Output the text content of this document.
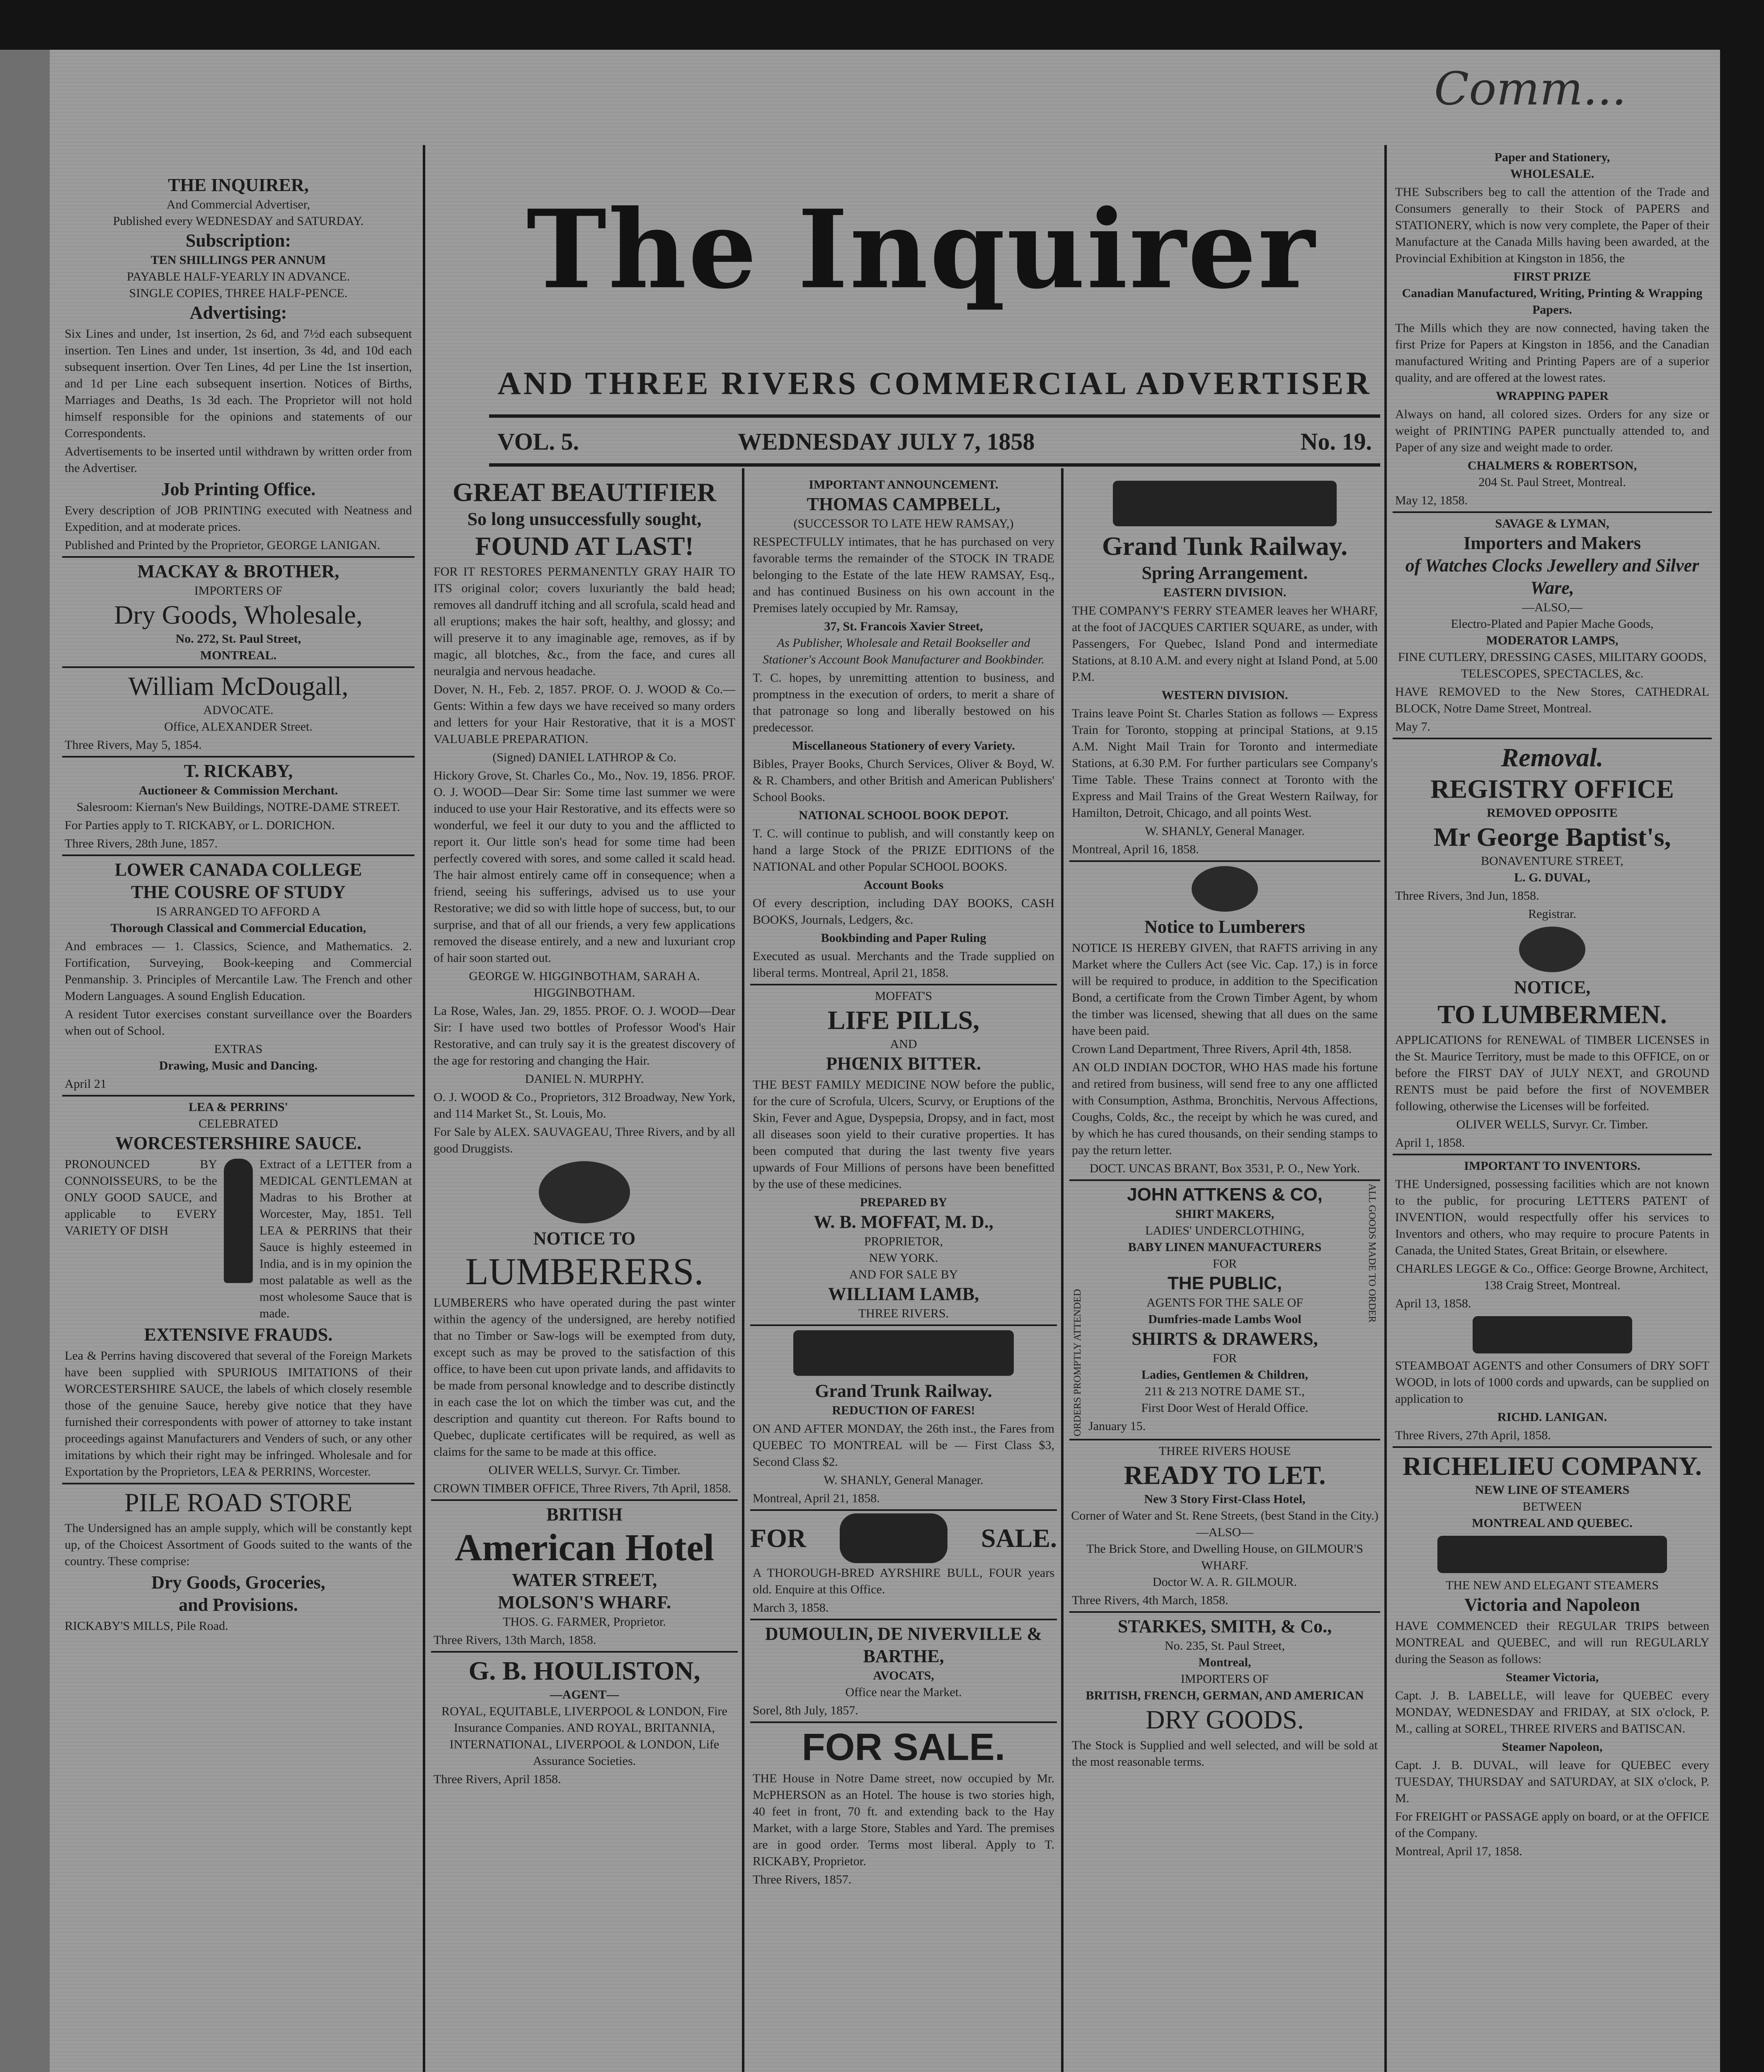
The Inquirer
AND THREE RIVERS COMMERCIAL ADVERTISER
VOL. 5.	WEDNESDAY JULY 7, 1858	No. 19.
THE INQUIRER,
And Commercial Advertiser,
Published every WEDNESDAY and SATURDAY.
Subscription:
TEN SHILLINGS PER ANNUM
PAYABLE HALF-YEARLY IN ADVANCE.
SINGLE COPIES, THREE HALF-PENCE.
Advertising:
Six Lines and under, 1st insertion, 2s 6d, and 7½d each subsequent insertion. Ten Lines and under, 1st insertion, 3s 4d, and 10d each subsequent insertion. Over Ten Lines, 4d per Line the 1st insertion, and 1d per Line each subsequent insertion. Notices of Births, Marriages and Deaths, 1s 3d each. The Proprietor will not hold himself responsible for the opinions and statements of our Correspondents.
Advertisements to be inserted until withdrawn by written order from the Advertiser.
Job Printing Office.
Every description of JOB PRINTING executed with Neatness and Expedition, and at moderate prices.
Published and Printed by the Proprietor, GEORGE LANIGAN.
MACKAY & BROTHER,
IMPORTERS OF
Dry Goods, Wholesale,
No. 272, St. Paul Street,
MONTREAL.
William McDougall,
ADVOCATE.
Office, ALEXANDER Street.
Three Rivers, May 5, 1854.
T. RICKABY,
Auctioneer & Commission Merchant.
Salesroom: Kiernan's New Buildings, NOTRE-DAME STREET.
For Parties apply to T. RICKABY, or L. DORICHON.
Three Rivers, 28th June, 1857.
LOWER CANADA COLLEGE
THE COUSRE OF STUDY
IS ARRANGED TO AFFORD A
Thorough Classical and Commercial Education,
And embraces — 1. Classics, Science, and Mathematics. 2. Fortification, Surveying, Book-keeping and Commercial Penmanship. 3. Principles of Mercantile Law. The French and other Modern Languages. A sound English Education.
A resident Tutor exercises constant surveillance over the Boarders when out of School.
EXTRAS
Drawing, Music and Dancing.
April 21
LEA & PERRINS'
CELEBRATED
WORCESTERSHIRE SAUCE.
PRONOUNCED BY CONNOISSEURS, to be the ONLY GOOD SAUCE, and applicable to EVERY VARIETY OF DISH
Extract of a LETTER from a MEDICAL GENTLEMAN at Madras to his Brother at Worcester, May, 1851. Tell LEA & PERRINS that their Sauce is highly esteemed in India, and is in my opinion the most palatable as well as the most wholesome Sauce that is made.
EXTENSIVE FRAUDS.
Lea & Perrins having discovered that several of the Foreign Markets have been supplied with SPURIOUS IMITATIONS of their WORCESTERSHIRE SAUCE, the labels of which closely resemble those of the genuine Sauce, hereby give notice that they have furnished their correspondents with power of attorney to take instant proceedings against Manufacturers and Venders of such, or any other imitations by which their right may be infringed. Wholesale and for Exportation by the Proprietors, LEA & PERRINS, Worcester.
PILE ROAD STORE
The Undersigned has an ample supply, which will be constantly kept up, of the Choicest Assortment of Goods suited to the wants of the country. These comprise:
Dry Goods, Groceries,
and Provisions.
RICKABY'S MILLS, Pile Road.
GREAT BEAUTIFIER
So long unsuccessfully sought,
FOUND AT LAST!
FOR IT RESTORES PERMANENTLY GRAY HAIR TO ITS original color; covers luxuriantly the bald head; removes all dandruff itching and all scrofula, scald head and all eruptions; makes the hair soft, healthy, and glossy; and will preserve it to any imaginable age, removes, as if by magic, all blotches, &c., from the face, and cures all neuralgia and nervous headache.
Dover, N. H., Feb. 2, 1857. PROF. O. J. WOOD & Co.—Gents: Within a few days we have received so many orders and letters for your Hair Restorative, that it is a MOST VALUABLE PREPARATION.
(Signed) DANIEL LATHROP & Co.
Hickory Grove, St. Charles Co., Mo., Nov. 19, 1856. PROF. O. J. WOOD—Dear Sir: Some time last summer we were induced to use your Hair Restorative, and its effects were so wonderful, we feel it our duty to you and the afflicted to report it. Our little son's head for some time had been perfectly covered with sores, and some called it scald head. The hair almost entirely came off in consequence; when a friend, seeing his sufferings, advised us to use your Restorative; we did so with little hope of success, but, to our surprise, and that of all our friends, a very few applications removed the disease entirely, and a new and luxuriant crop of hair soon started out.
GEORGE W. HIGGINBOTHAM, SARAH A. HIGGINBOTHAM.
La Rose, Wales, Jan. 29, 1855. PROF. O. J. WOOD—Dear Sir: I have used two bottles of Professor Wood's Hair Restorative, and can truly say it is the greatest discovery of the age for restoring and changing the Hair.
DANIEL N. MURPHY.
O. J. WOOD & Co., Proprietors, 312 Broadway, New York, and 114 Market St., St. Louis, Mo.
For Sale by ALEX. SAUVAGEAU, Three Rivers, and by all good Druggists.
NOTICE TO
LUMBERERS.
LUMBERERS who have operated during the past winter within the agency of the undersigned, are hereby notified that no Timber or Saw-logs will be exempted from duty, except such as may be proved to the satisfaction of this office, to have been cut upon private lands, and affidavits to be made from personal knowledge and to describe distinctly in each case the lot on which the timber was cut, and the description and quantity cut thereon. For Rafts bound to Quebec, duplicate certificates will be required, as well as claims for the same to be made at this office.
OLIVER WELLS, Survyr. Cr. Timber.
CROWN TIMBER OFFICE, Three Rivers, 7th April, 1858.
BRITISH
American Hotel
WATER STREET,
MOLSON'S WHARF.
THOS. G. FARMER, Proprietor.
Three Rivers, 13th March, 1858.
G. B. HOULISTON,
—AGENT—
ROYAL, EQUITABLE, LIVERPOOL & LONDON, Fire Insurance Companies. AND ROYAL, BRITANNIA, INTERNATIONAL, LIVERPOOL & LONDON, Life Assurance Societies.
Three Rivers, April 1858.
IMPORTANT ANNOUNCEMENT.
THOMAS CAMPBELL,
(SUCCESSOR TO LATE HEW RAMSAY,)
RESPECTFULLY intimates, that he has purchased on very favorable terms the remainder of the STOCK IN TRADE belonging to the Estate of the late HEW RAMSAY, Esq., and has continued Business on his own account in the Premises lately occupied by Mr. Ramsay,
37, St. Francois Xavier Street,
As Publisher, Wholesale and Retail Bookseller and Stationer's Account Book Manufacturer and Bookbinder.
T. C. hopes, by unremitting attention to business, and promptness in the execution of orders, to merit a share of that patronage so long and liberally bestowed on his predecessor.
Miscellaneous Stationery of every Variety.
Bibles, Prayer Books, Church Services, Oliver & Boyd, W. & R. Chambers, and other British and American Publishers' School Books.
NATIONAL SCHOOL BOOK DEPOT.
T. C. will continue to publish, and will constantly keep on hand a large Stock of the PRIZE EDITIONS of the NATIONAL and other Popular SCHOOL BOOKS.
Account Books
Of every description, including DAY BOOKS, CASH BOOKS, Journals, Ledgers, &c.
Bookbinding and Paper Ruling
Executed as usual. Merchants and the Trade supplied on liberal terms. Montreal, April 21, 1858.
MOFFAT'S
LIFE PILLS,
AND
PHŒNIX BITTER.
THE BEST FAMILY MEDICINE NOW before the public, for the cure of Scrofula, Ulcers, Scurvy, or Eruptions of the Skin, Fever and Ague, Dyspepsia, Dropsy, and in fact, most all diseases soon yield to their curative properties. It has been computed that during the last twenty five years upwards of Four Millions of persons have been benefitted by the use of these medicines.
PREPARED BY
W. B. MOFFAT, M. D.,
PROPRIETOR,
NEW YORK.
AND FOR SALE BY
WILLIAM LAMB,
THREE RIVERS.
Grand Trunk Railway.
REDUCTION OF FARES!
ON AND AFTER MONDAY, the 26th inst., the Fares from QUEBEC TO MONTREAL will be — First Class $3, Second Class $2.
W. SHANLY, General Manager.
Montreal, April 21, 1858.
FOR	SALE.
A THOROUGH-BRED AYRSHIRE BULL, FOUR years old. Enquire at this Office.
March 3, 1858.
DUMOULIN, DE NIVERVILLE & BARTHE,
AVOCATS,
Office near the Market.
Sorel, 8th July, 1857.
FOR SALE.
THE House in Notre Dame street, now occupied by Mr. McPHERSON as an Hotel. The house is two stories high, 40 feet in front, 70 ft. and extending back to the Hay Market, with a large Store, Stables and Yard. The premises are in good order. Terms most liberal. Apply to T. RICKABY, Proprietor.
Three Rivers, 1857.
Grand Tunk Railway.
Spring Arrangement.
EASTERN DIVISION.
THE COMPANY'S FERRY STEAMER leaves her WHARF, at the foot of JACQUES CARTIER SQUARE, as under, with Passengers, For Quebec, Island Pond and intermediate Stations, at 8.10 A.M. and every night at Island Pond, at 5.00 P.M.
WESTERN DIVISION.
Trains leave Point St. Charles Station as follows — Express Train for Toronto, stopping at principal Stations, at 9.15 A.M. Night Mail Train for Toronto and intermediate Stations, at 6.30 P.M. For further particulars see Company's Time Table. These Trains connect at Toronto with the Express and Mail Trains of the Great Western Railway, for Hamilton, Detroit, Chicago, and all points West.
W. SHANLY, General Manager.
Montreal, April 16, 1858.
Notice to Lumberers
NOTICE IS HEREBY GIVEN, that RAFTS arriving in any Market where the Cullers Act (see Vic. Cap. 17,) is in force will be required to produce, in addition to the Specification Bond, a certificate from the Crown Timber Agent, by whom the timber was licensed, shewing that all dues on the same have been paid.
Crown Land Department, Three Rivers, April 4th, 1858.
AN OLD INDIAN DOCTOR, WHO HAS made his fortune and retired from business, will send free to any one afflicted with Consumption, Asthma, Bronchitis, Nervous Affections, Coughs, Colds, &c., the receipt by which he was cured, and by which he has cured thousands, on their sending stamps to pay the return letter.
DOCT. UNCAS BRANT, Box 3531, P. O., New York.
ORDERS PROMPTLY ATTENDED
JOHN ATTKENS & CO,
SHIRT MAKERS,
LADIES' UNDERCLOTHING,
BABY LINEN MANUFACTURERS
FOR
THE PUBLIC,
AGENTS FOR THE SALE OF
Dumfries-made Lambs Wool
SHIRTS & DRAWERS,
FOR
Ladies, Gentlemen & Children,
211 & 213 NOTRE DAME ST.,
First Door West of Herald Office.
January 15.
ALL GOODS MADE TO ORDER
THREE RIVERS HOUSE
READY TO LET.
New 3 Story First-Class Hotel,
Corner of Water and St. Rene Streets, (best Stand in the City.)
—ALSO—
The Brick Store, and Dwelling House, on GILMOUR'S WHARF.
Doctor W. A. R. GILMOUR.
Three Rivers, 4th March, 1858.
STARKES, SMITH, & Co.,
No. 235, St. Paul Street,
Montreal,
IMPORTERS OF
BRITISH, FRENCH, GERMAN, AND AMERICAN
DRY GOODS.
The Stock is Supplied and well selected, and will be sold at the most reasonable terms.
Paper and Stationery,
WHOLESALE.
THE Subscribers beg to call the attention of the Trade and Consumers generally to their Stock of PAPERS and STATIONERY, which is now very complete, the Paper of their Manufacture at the Canada Mills having been awarded, at the Provincial Exhibition at Kingston in 1856, the
FIRST PRIZE
Canadian Manufactured, Writing, Printing & Wrapping Papers.
The Mills which they are now connected, having taken the first Prize for Papers at Kingston in 1856, and the Canadian manufactured Writing and Printing Papers are of a superior quality, and are offered at the lowest rates.
WRAPPING PAPER
Always on hand, all colored sizes. Orders for any size or weight of PRINTING PAPER punctually attended to, and Paper of any size and weight made to order.
CHALMERS & ROBERTSON,
204 St. Paul Street, Montreal.
May 12, 1858.
SAVAGE & LYMAN,
Importers and Makers
of Watches Clocks Jewellery and Silver Ware,
—ALSO,—
Electro-Plated and Papier Mache Goods,
MODERATOR LAMPS,
FINE CUTLERY, DRESSING CASES, MILITARY GOODS, TELESCOPES, SPECTACLES, &c.
HAVE REMOVED to the New Stores, CATHEDRAL BLOCK, Notre Dame Street, Montreal.
May 7.
Removal.
REGISTRY OFFICE
REMOVED OPPOSITE
Mr George Baptist's,
BONAVENTURE STREET,
L. G. DUVAL,
Three Rivers, 3nd Jun, 1858.
Registrar.
NOTICE,
TO LUMBERMEN.
APPLICATIONS for RENEWAL of TIMBER LICENSES in the St. Maurice Territory, must be made to this OFFICE, on or before the FIRST DAY of JULY NEXT, and GROUND RENTS must be paid before the first of NOVEMBER following, otherwise the Licenses will be forfeited.
OLIVER WELLS, Survyr. Cr. Timber.
April 1, 1858.
IMPORTANT TO INVENTORS.
THE Undersigned, possessing facilities which are not known to the public, for procuring LETTERS PATENT of INVENTION, would respectfully offer his services to Inventors and others, who may require to procure Patents in Canada, the United States, Great Britain, or elsewhere.
CHARLES LEGGE & Co., Office: George Browne, Architect, 138 Craig Street, Montreal.
April 13, 1858.
STEAMBOAT AGENTS and other Consumers of DRY SOFT WOOD, in lots of 1000 cords and upwards, can be supplied on application to
RICHD. LANIGAN.
Three Rivers, 27th April, 1858.
RICHELIEU COMPANY.
NEW LINE OF STEAMERS
BETWEEN
MONTREAL AND QUEBEC.
THE NEW AND ELEGANT STEAMERS
Victoria and Napoleon
HAVE COMMENCED their REGULAR TRIPS between MONTREAL and QUEBEC, and will run REGULARLY during the Season as follows:
Steamer Victoria,
Capt. J. B. LABELLE, will leave for QUEBEC every MONDAY, WEDNESDAY and FRIDAY, at SIX o'clock, P. M., calling at SOREL, THREE RIVERS and BATISCAN.
Steamer Napoleon,
Capt. J. B. DUVAL, will leave for QUEBEC every TUESDAY, THURSDAY and SATURDAY, at SIX o'clock, P. M.
For FREIGHT or PASSAGE apply on board, or at the OFFICE of the Company.
Montreal, April 17, 1858.
Comm...
